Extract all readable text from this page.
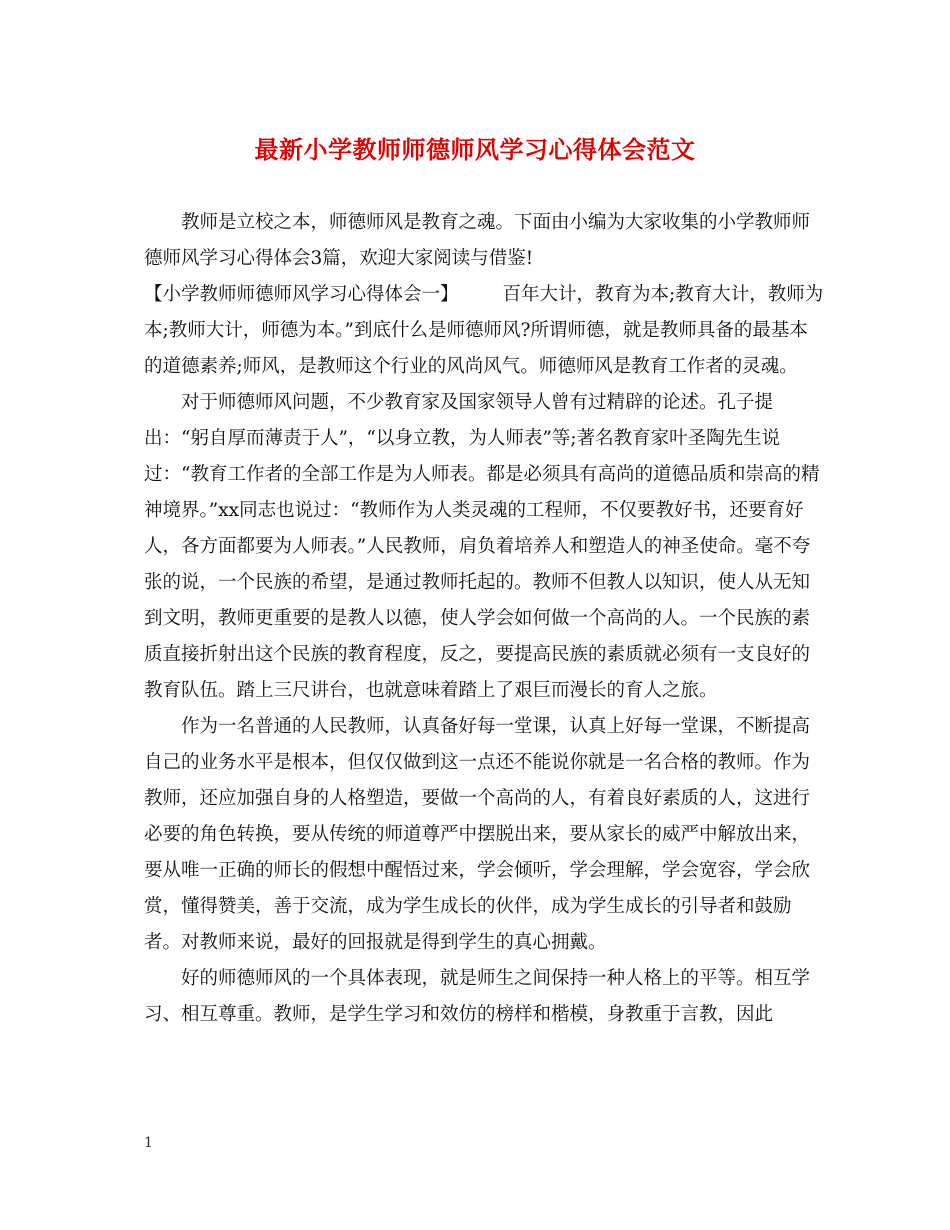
最新小学教师师德师风学习心得体会范文

教师是立校之本，师德师风是教育之魂。下面由小编为大家收集的小学教师师德师风学习心得体会3篇，欢迎大家阅读与借鉴!

【小学教师师德师风学习心得体会一】 百年大计，教育为本;教育大计，教师为本;教师大计，师德为本。”到底什么是师德师风?所谓师德，就是教师具备的最基本的道德素养;师风，是教师这个行业的风尚风气。师德师风是教育工作者的灵魂。

对于师德师风问题，不少教育家及国家领导人曾有过精辟的论述。孔子提出：“躬自厚而薄责于人”，“以身立教，为人师表”等;著名教育家叶圣陶先生说过：“教育工作者的全部工作是为人师表。都是必须具有高尚的道德品质和崇高的精神境界。”xx同志也说过：“教师作为人类灵魂的工程师，不仅要教好书，还要育好人，各方面都要为人师表。”人民教师，肩负着培养人和塑造人的神圣使命。毫不夸张的说，一个民族的希望，是通过教师托起的。教师不但教人以知识，使人从无知到文明，教师更重要的是教人以德，使人学会如何做一个高尚的人。一个民族的素质直接折射出这个民族的教育程度，反之，要提高民族的素质就必须有一支良好的教育队伍。踏上三尺讲台，也就意味着踏上了艰巨而漫长的育人之旅。

作为一名普通的人民教师，认真备好每一堂课，认真上好每一堂课，不断提高自己的业务水平是根本，但仅仅做到这一点还不能说你就是一名合格的教师。作为教师，还应加强自身的人格塑造，要做一个高尚的人，有着良好素质的人，这进行必要的角色转换，要从传统的师道尊严中摆脱出来，要从家长的威严中解放出来，要从唯一正确的师长的假想中醒悟过来，学会倾听，学会理解，学会宽容，学会欣赏，懂得赞美，善于交流，成为学生成长的伙伴，成为学生成长的引导者和鼓励者。对教师来说，最好的回报就是得到学生的真心拥戴。

好的师德师风的一个具体表现，就是师生之间保持一种人格上的平等。相互学习、相互尊重。教师，是学生学习和效仿的榜样和楷模，身教重于言教，因此

1
